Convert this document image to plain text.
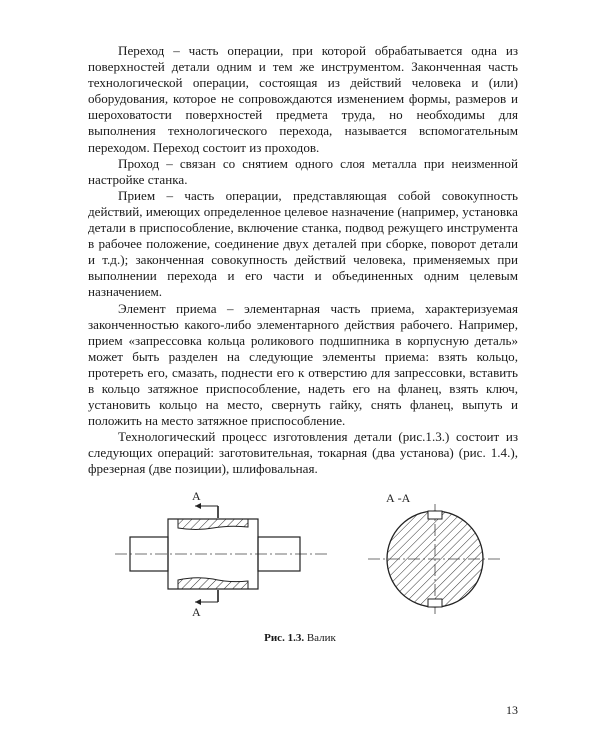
Переход – часть операции, при которой обрабатывается одна из поверхностей детали одним и тем же инструментом. Законченная часть технологической операции, состоящая из действий человека и (или) оборудования, которое не сопровождаются изменением формы, размеров и шероховатости поверхностей предмета труда, но необходимы для выполнения технологического перехода, называется вспомогательным переходом. Переход состоит из проходов.

Проход – связан со снятием одного слоя металла при неизменной настройке станка.

Прием – часть операции, представляющая собой совокупность действий, имеющих определенное целевое назначение (например, установка детали в приспособление, включение станка, подвод режущего инструмента в рабочее положение, соединение двух деталей при сборке, поворот детали и т.д.); законченная совокупность действий человека, применяемых при выполнении перехода и его части и объединенных одним целевым назначением.

Элемент приема – элементарная часть приема, характеризуемая законченностью какого-либо элементарного действия рабочего. Например, прием «запрессовка кольца роликового подшипника в корпусную деталь» может быть разделен на следующие элементы приема: взять кольцо, протереть его, смазать, поднести его к отверстию для запрессовки, вставить в кольцо затяжное приспособление, надеть его на фланец, взять ключ, установить кольцо на место, свернуть гайку, снять фланец, выпуть и положить на место затяжное приспособление.

Технологический процесс изготовления детали (рис.1.3.) состоит из следующих операций: заготовительная, токарная (два установа) (рис. 1.4.), фрезерная (две позиции), шлифовальная.

А
А
А -А
Рис. 1.3. Валик
13
